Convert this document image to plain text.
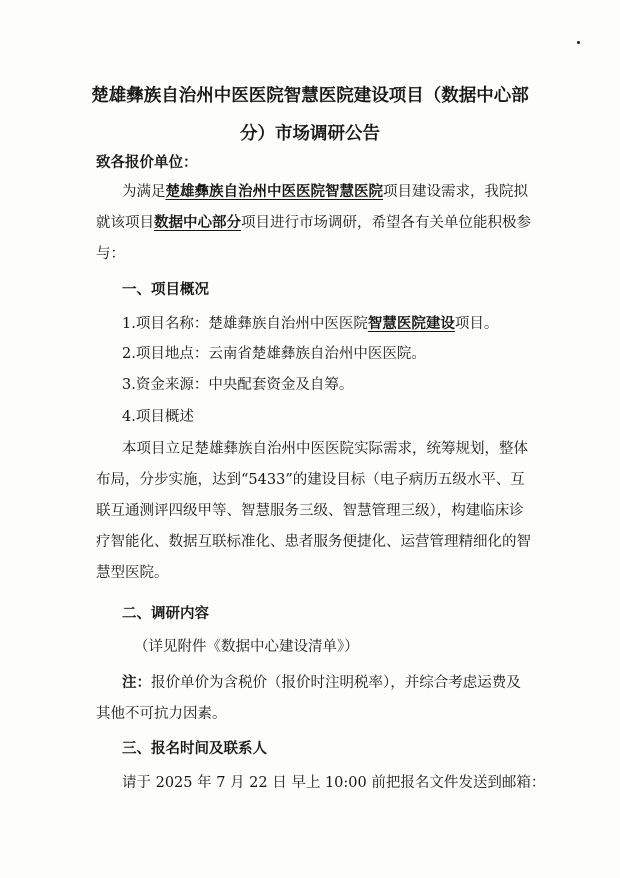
楚雄彝族自治州中医医院智慧医院建设项目（数据中心部
分）市场调研公告
致各报价单位：
为满足楚雄彝族自治州中医医院智慧医院项目建设需求，我院拟
就该项目数据中心部分项目进行市场调研，希望各有关单位能积极参
与：
一、项目概况
1.项目名称：楚雄彝族自治州中医医院智慧医院建设项目。
2.项目地点：云南省楚雄彝族自治州中医医院。
3.资金来源：中央配套资金及自筹。
4.项目概述
本项目立足楚雄彝族自治州中医医院实际需求，统筹规划，整体
布局，分步实施，达到“5433”的建设目标（电子病历五级水平、互
联互通测评四级甲等、智慧服务三级、智慧管理三级），构建临床诊
疗智能化、数据互联标准化、患者服务便捷化、运营管理精细化的智
慧型医院。
二、调研内容
（详见附件《数据中心建设清单》）
注：报价单价为含税价（报价时注明税率），并综合考虑运费及
其他不可抗力因素。
三、报名时间及联系人
请于 2025 年 7 月 22 日 早上 10:00 前把报名文件发送到邮箱：
